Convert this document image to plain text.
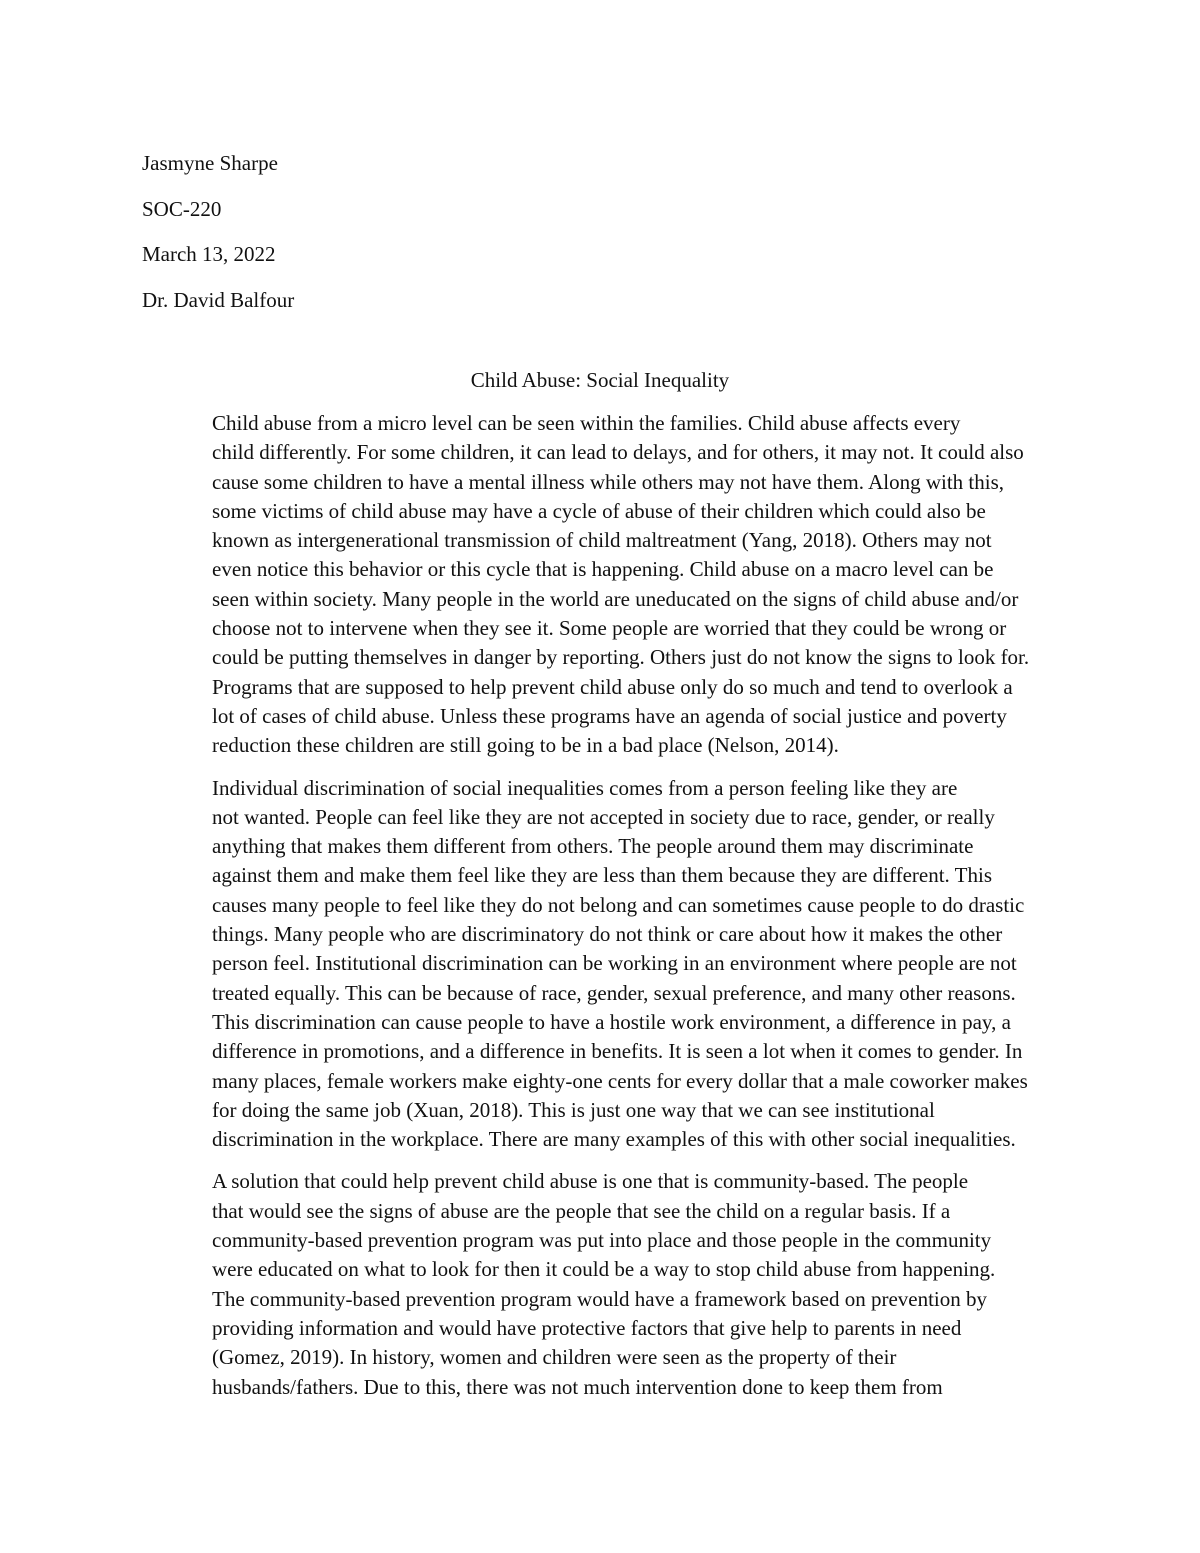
Jasmyne Sharpe

SOC-220

March 13, 2022

Dr. David Balfour

Child Abuse: Social Inequality

Child abuse from a micro level can be seen within the families. Child abuse affects every
child differently. For some children, it can lead to delays, and for others, it may not. It could also
cause some children to have a mental illness while others may not have them. Along with this,
some victims of child abuse may have a cycle of abuse of their children which could also be
known as intergenerational transmission of child maltreatment (Yang, 2018). Others may not
even notice this behavior or this cycle that is happening. Child abuse on a macro level can be
seen within society. Many people in the world are uneducated on the signs of child abuse and/or
choose not to intervene when they see it. Some people are worried that they could be wrong or
could be putting themselves in danger by reporting. Others just do not know the signs to look for.
Programs that are supposed to help prevent child abuse only do so much and tend to overlook a
lot of cases of child abuse. Unless these programs have an agenda of social justice and poverty
reduction these children are still going to be in a bad place (Nelson, 2014).

Individual discrimination of social inequalities comes from a person feeling like they are
not wanted. People can feel like they are not accepted in society due to race, gender, or really
anything that makes them different from others. The people around them may discriminate
against them and make them feel like they are less than them because they are different. This
causes many people to feel like they do not belong and can sometimes cause people to do drastic
things. Many people who are discriminatory do not think or care about how it makes the other
person feel. Institutional discrimination can be working in an environment where people are not
treated equally. This can be because of race, gender, sexual preference, and many other reasons.
This discrimination can cause people to have a hostile work environment, a difference in pay, a
difference in promotions, and a difference in benefits. It is seen a lot when it comes to gender. In
many places, female workers make eighty-one cents for every dollar that a male coworker makes
for doing the same job (Xuan, 2018). This is just one way that we can see institutional
discrimination in the workplace. There are many examples of this with other social inequalities.

A solution that could help prevent child abuse is one that is community-based. The people
that would see the signs of abuse are the people that see the child on a regular basis. If a
community-based prevention program was put into place and those people in the community
were educated on what to look for then it could be a way to stop child abuse from happening.
The community-based prevention program would have a framework based on prevention by
providing information and would have protective factors that give help to parents in need
(Gomez, 2019). In history, women and children were seen as the property of their
husbands/fathers. Due to this, there was not much intervention done to keep them from
